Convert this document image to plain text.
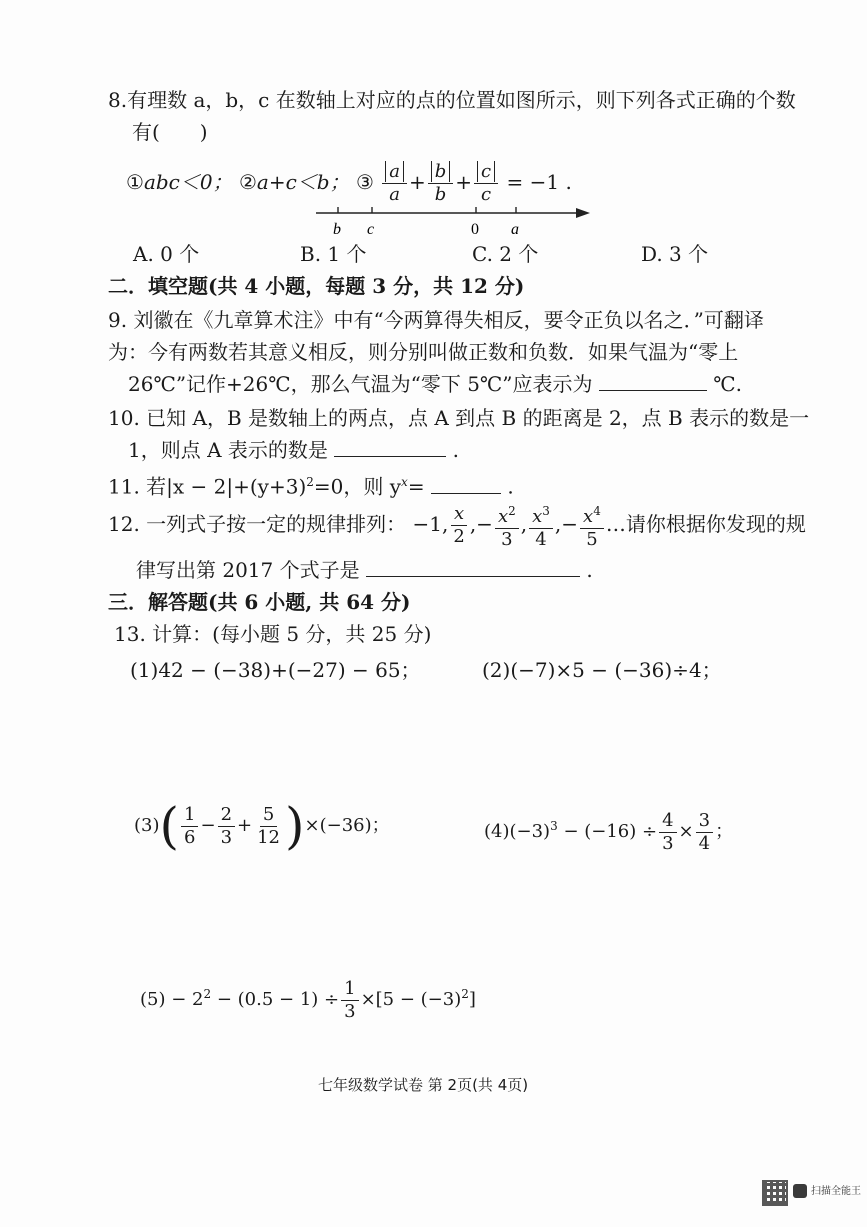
8.有理数 a，b，c 在数轴上对应的点的位置如图所示，则下列各式正确的个数
有(　　)
①abc＜0； ②a+c＜b； ③ $\frac{a}{a} + \frac{b}{b} + \frac{c}{c} = -1$ .
b c	0 a
A. 0 个	B. 1 个	C. 2 个	D. 3 个
二．填空题(共 4 小题，每题 3 分，共 12 分)
9. 刘徽在《九章算术注》中有“今两算得失相反，要令正负以名之．”可翻译
为：今有两数若其意义相反，则分别叫做正数和负数．如果气温为“零上
26℃”记作+26℃，那么气温为“零下 5℃”应表示为	℃.
10. 已知 A，B 是数轴上的两点，点 A 到点 B 的距离是 2，点 B 表示的数是一
1，则点 A 表示的数是	.
11. 若$|x - 2|+(y+3)^2=0$，则 $y^x=$	.
12. 一列式子按一定的规律排列： −1, $\frac{x}{2}$ ,− $\frac{x^2}{3}$ , $\frac{x^3}{4}$ ,− $\frac{x^4}{5}$ …请你根据你发现的规
律写出第 2017 个式子是	.
三．解答题(共 6 小题, 共 64 分)
13. 计算：(每小题 5 分，共 25 分)
(1)42 − (−38)+(−27) − 65；	(2)(−7)×5 − (−36)÷4；
$(3)( \frac{1}{6} - \frac{2}{3} + \frac{5}{12} )\times(-36)$；	$(4)(-3)^3 - (-16) \div \frac{4}{3} \times \frac{3}{4}$ ；
$(5) - 2^2 - (0.5 - 1) \div \frac{1}{3} \times[5 - (-3)^2]$
七年级数学试卷 第 2页(共 4页)
扫描全能王
